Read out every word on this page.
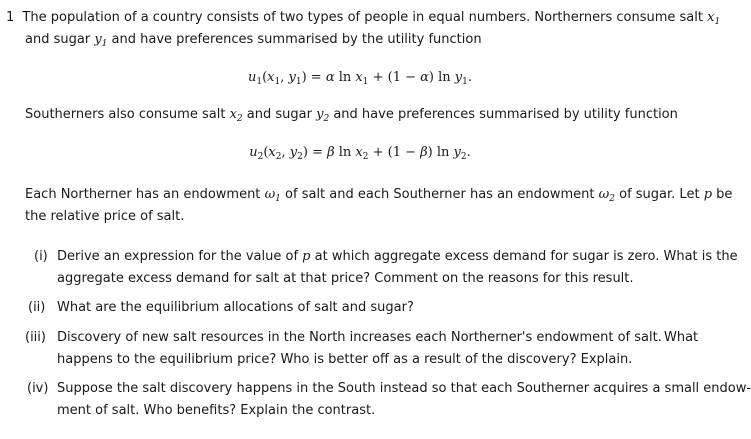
1 The population of a country consists of two types of people in equal numbers. Northerners consume salt $x_1$
and sugar $y_1$ and have preferences summarised by the utility function
$u_1(x_1$, $y_1) = \alpha$ $\ln x_1 + (1 - \alpha)$ $\ln y_1$.
Southerners also consume salt $x_2$ and sugar $y_2$ and have preferences summarised by utility function
$u_2(x_2$, $y_2) = \beta$ $\ln x_2 + (1 - \beta)$ $\ln y_2$.
Each Northerner has an endowment $\omega_1$ of salt and each Southerner has an endowment $\omega_2$ of sugar. Let p be
the relative price of salt.
(i) Derive an expression for the value of p at which aggregate excess demand for sugar is zero. What is the
aggregate excess demand for salt at that price? Comment on the reasons for this result.
(ii) What are the equilibrium allocations of salt and sugar?
(iii) Discovery of new salt resources in the North increases each Northerner's endowment of salt. What
happens to the equilibrium price? Who is better off as a result of the discovery? Explain.
(iv) Suppose the salt discovery happens in the South instead so that each Southerner acquires a small endow-
ment of salt. Who benefits? Explain the contrast.
